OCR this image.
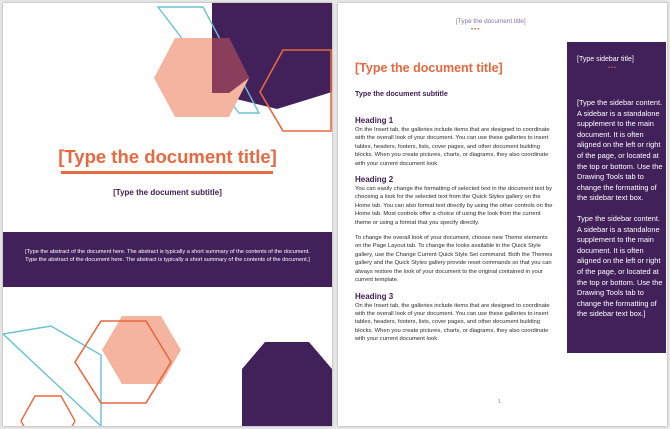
[Type the document title]
[Type the document subtitle]
[Type the abstract of the document here. The abstract is typically a short summary of the contents of the document. Type the abstract of the document here. The abstract is typically a short summary of the contents of the document.]
[Type the document title]
•••
[Type the document title]
Type the document subtitle
Heading 1

On the Insert tab, the galleries include items that are designed to coordinate with the overall look of your document. You can use these galleries to insert tables, headers, footers, lists, cover pages, and other document building blocks. When you create pictures, charts, or diagrams, they also coordinate with your current document look.

Heading 2

You can easily change the formatting of selected text in the document text by choosing a look for the selected text from the Quick Styles gallery on the Home tab. You can also format text directly by using the other controls on the Home tab. Most controls offer a choice of using the look from the current theme or using a format that you specify directly.

To change the overall look of your document, choose new Theme elements on the Page Layout tab. To change the looks available in the Quick Style gallery, use the Change Current Quick Style Set command. Both the Themes gallery and the Quick Styles gallery provide reset commands so that you can always restore the look of your document to the original contained in your current template.

Heading 3

On the Insert tab, the galleries include items that are designed to coordinate with the overall look of your document. You can use these galleries to insert tables, headers, footers, lists, cover pages, and other document building blocks. When you create pictures, charts, or diagrams, they also coordinate with your current document look.

1
[Type sidebar title]
•••

[Type the sidebar content. A sidebar is a standalone supplement to the main document. It is often aligned on the left or right of the page, or located at the top or bottom. Use the Drawing Tools tab to change the formatting of the sidebar text box.

Type the sidebar content. A sidebar is a standalone supplement to the main document. It is often aligned on the left or right of the page, or located at the top or bottom. Use the Drawing Tools tab to change the formatting of the sidebar text box.]
